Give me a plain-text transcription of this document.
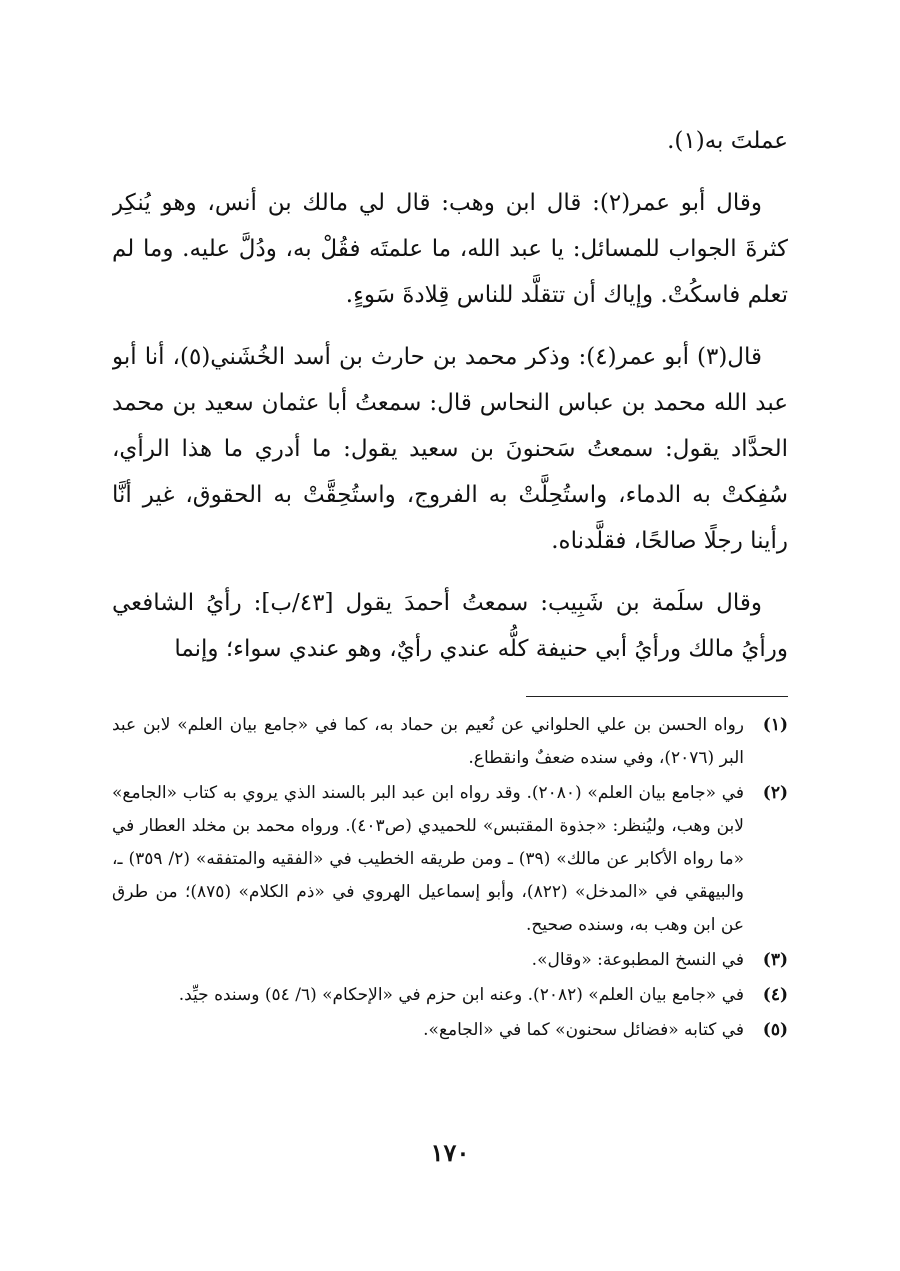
عملتَ به(١).

وقال أبو عمر(٢): قال ابن وهب: قال لي مالك بن أنس، وهو يُنكِر كثرةَ الجواب للمسائل: يا عبد الله، ما علمتَه فقُلْ به، ودُلَّ عليه. وما لم تعلم فاسكُتْ. وإياك أن تتقلَّد للناس قِلادةَ سَوءٍ.

قال(٣) أبو عمر(٤): وذكر محمد بن حارث بن أسد الخُشَني(٥)، أنا أبو عبد الله محمد بن عباس النحاس قال: سمعتُ أبا عثمان سعيد بن محمد الحدَّاد يقول: سمعتُ سَحنونَ بن سعيد يقول: ما أدري ما هذا الرأي، سُفِكتْ به الدماء، واستُحِلَّتْ به الفروج، واستُحِقَّتْ به الحقوق، غير أنَّا رأينا رجلًا صالحًا، فقلَّدناه.

وقال سلَمة بن شَبِيب: سمعتُ أحمدَ يقول [٤٣/ب]: رأيُ الشافعي ورأيُ مالك ورأيُ أبي حنيفة كلُّه عندي رأيٌ، وهو عندي سواء؛ وإنما

(١)
رواه الحسن بن علي الحلواني عن نُعيم بن حماد به، كما في «جامع بيان العلم» لابن عبد البر (٢٠٧٦)، وفي سنده ضعفٌ وانقطاع.
(٢)
في «جامع بيان العلم» (٢٠٨٠). وقد رواه ابن عبد البر بالسند الذي يروي به كتاب «الجامع» لابن وهب، وليُنظر: «جذوة المقتبس» للحميدي (ص٤٠٣). ورواه محمد بن مخلد العطار في «ما رواه الأكابر عن مالك» (٣٩) ـ ومن طريقه الخطيب في «الفقيه والمتفقه» (٢/ ٣٥٩) ـ، والبيهقي في «المدخل» (٨٢٢)، وأبو إسماعيل الهروي في «ذم الكلام» (٨٧٥)؛ من طرق عن ابن وهب به، وسنده صحيح.
(٣)
في النسخ المطبوعة: «وقال».
(٤)
في «جامع بيان العلم» (٢٠٨٢). وعنه ابن حزم في «الإحكام» (٦/ ٥٤) وسنده جيِّد.
(٥)
في كتابه «فضائل سحنون» كما في «الجامع».
١٧٠
